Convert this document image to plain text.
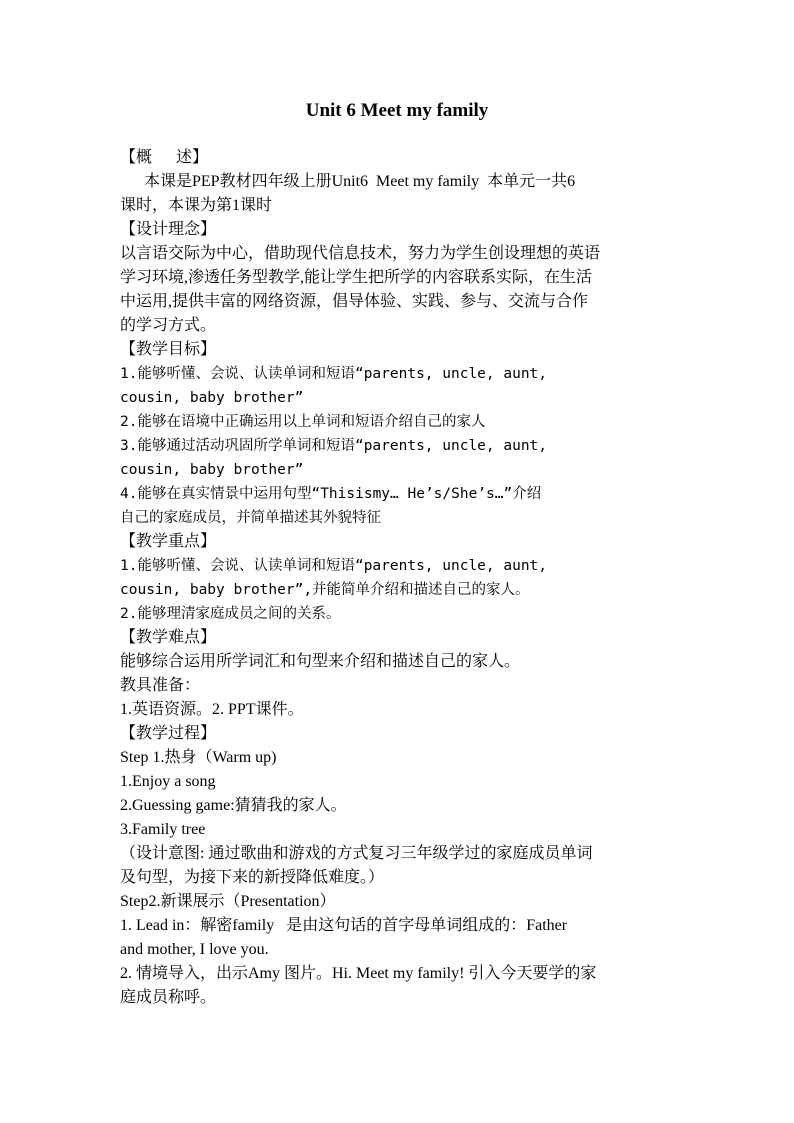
Unit 6 Meet my family
【概      述】
本课是PEP教材四年级上册Unit6  Meet my family  本单元一共6
课时，本课为第1课时
【设计理念】
以言语交际为中心，借助现代信息技术，努力为学生创设理想的英语
学习环境,渗透任务型教学,能让学生把所学的内容联系实际，在生活
中运用,提供丰富的网络资源，倡导体验、实践、参与、交流与合作
的学习方式。
【教学目标】
1.能够听懂、会说、认读单词和短语“parents, uncle, aunt,
cousin, baby brother”
2.能够在语境中正确运用以上单词和短语介绍自己的家人
3.能够通过活动巩固所学单词和短语“parents, uncle, aunt,
cousin, baby brother”
4.能够在真实情景中运用句型“Thisismy… He’s/She’s…”介绍
自己的家庭成员，并简单描述其外貌特征
【教学重点】
1.能够听懂、会说、认读单词和短语“parents, uncle, aunt,
cousin, baby brother”,并能简单介绍和描述自己的家人。
2.能够理清家庭成员之间的关系。
【教学难点】
能够综合运用所学词汇和句型来介绍和描述自己的家人。
教具准备：
1.英语资源。2. PPT课件。
【教学过程】
Step 1.热身（Warm up)
1.Enjoy a song
2.Guessing game:猜猜我的家人。
3.Family tree
（设计意图: 通过歌曲和游戏的方式复习三年级学过的家庭成员单词
及句型，为接下来的新授降低难度。）
Step2.新课展示（Presentation）
1. Lead in：解密family   是由这句话的首字母单词组成的：Father
and mother, I love you.
2. 情境导入，出示Amy 图片。Hi. Meet my family! 引入今天要学的家
庭成员称呼。
